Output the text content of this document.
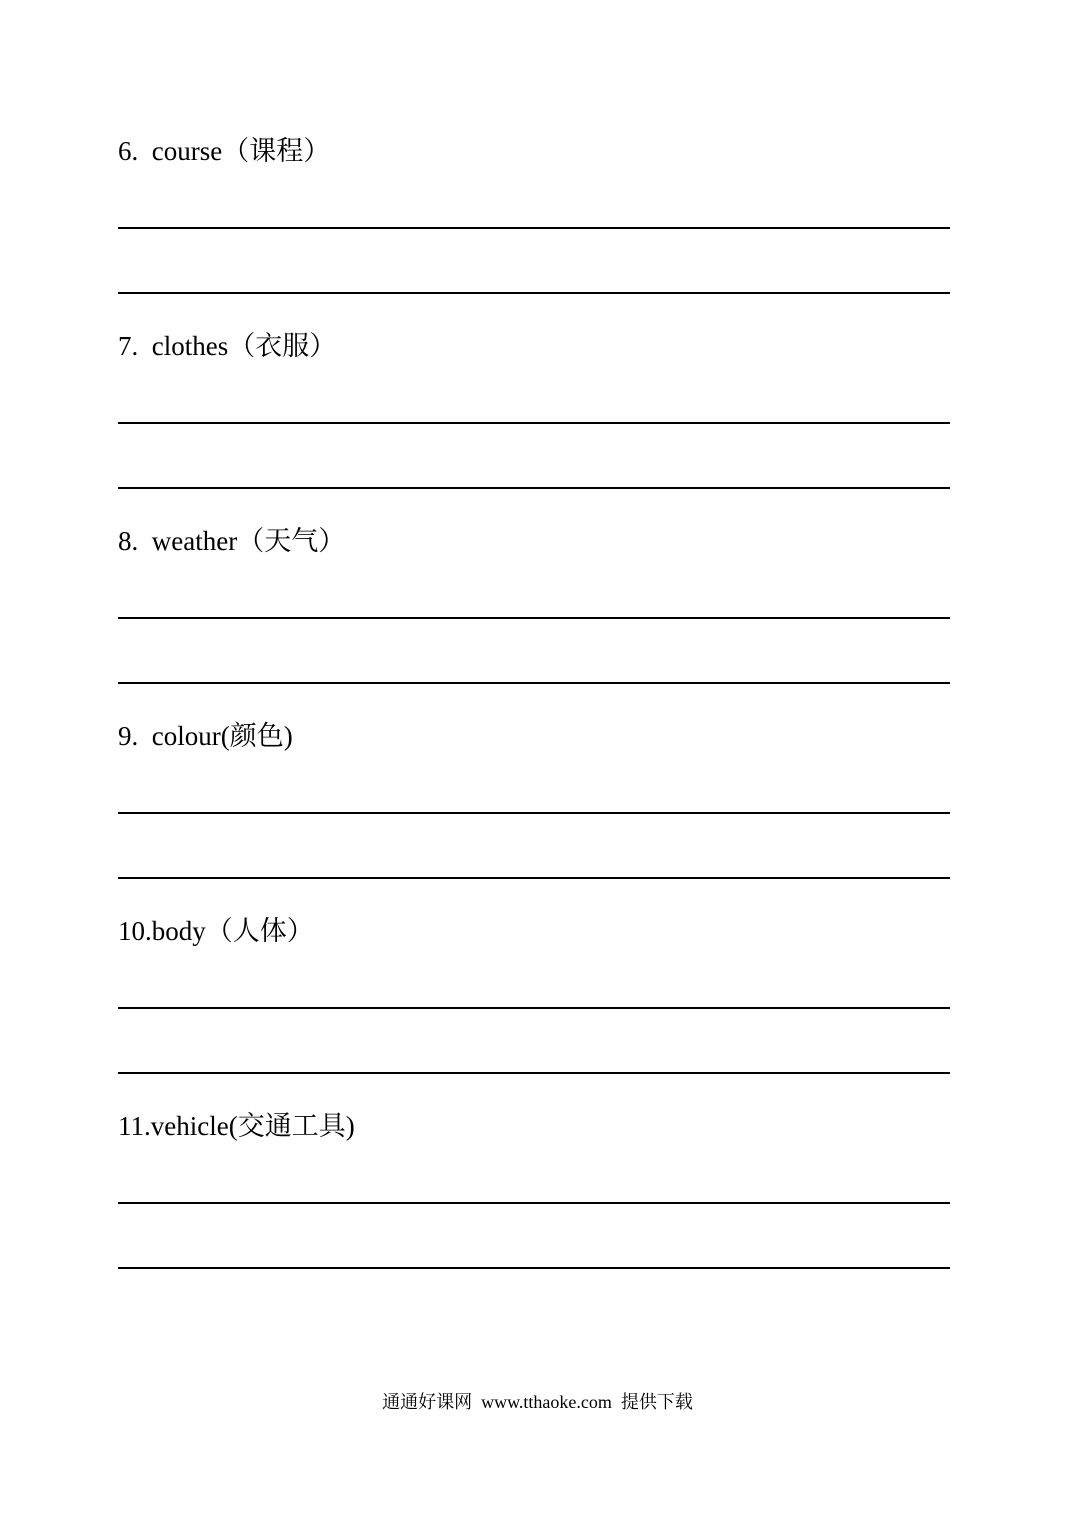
6. course（课程）
7. clothes（衣服）
8. weather（天气）
9. colour(颜色)
10.body（人体）
11.vehicle(交通工具)
通通好课网  www.tthaoke.com  提供下载
